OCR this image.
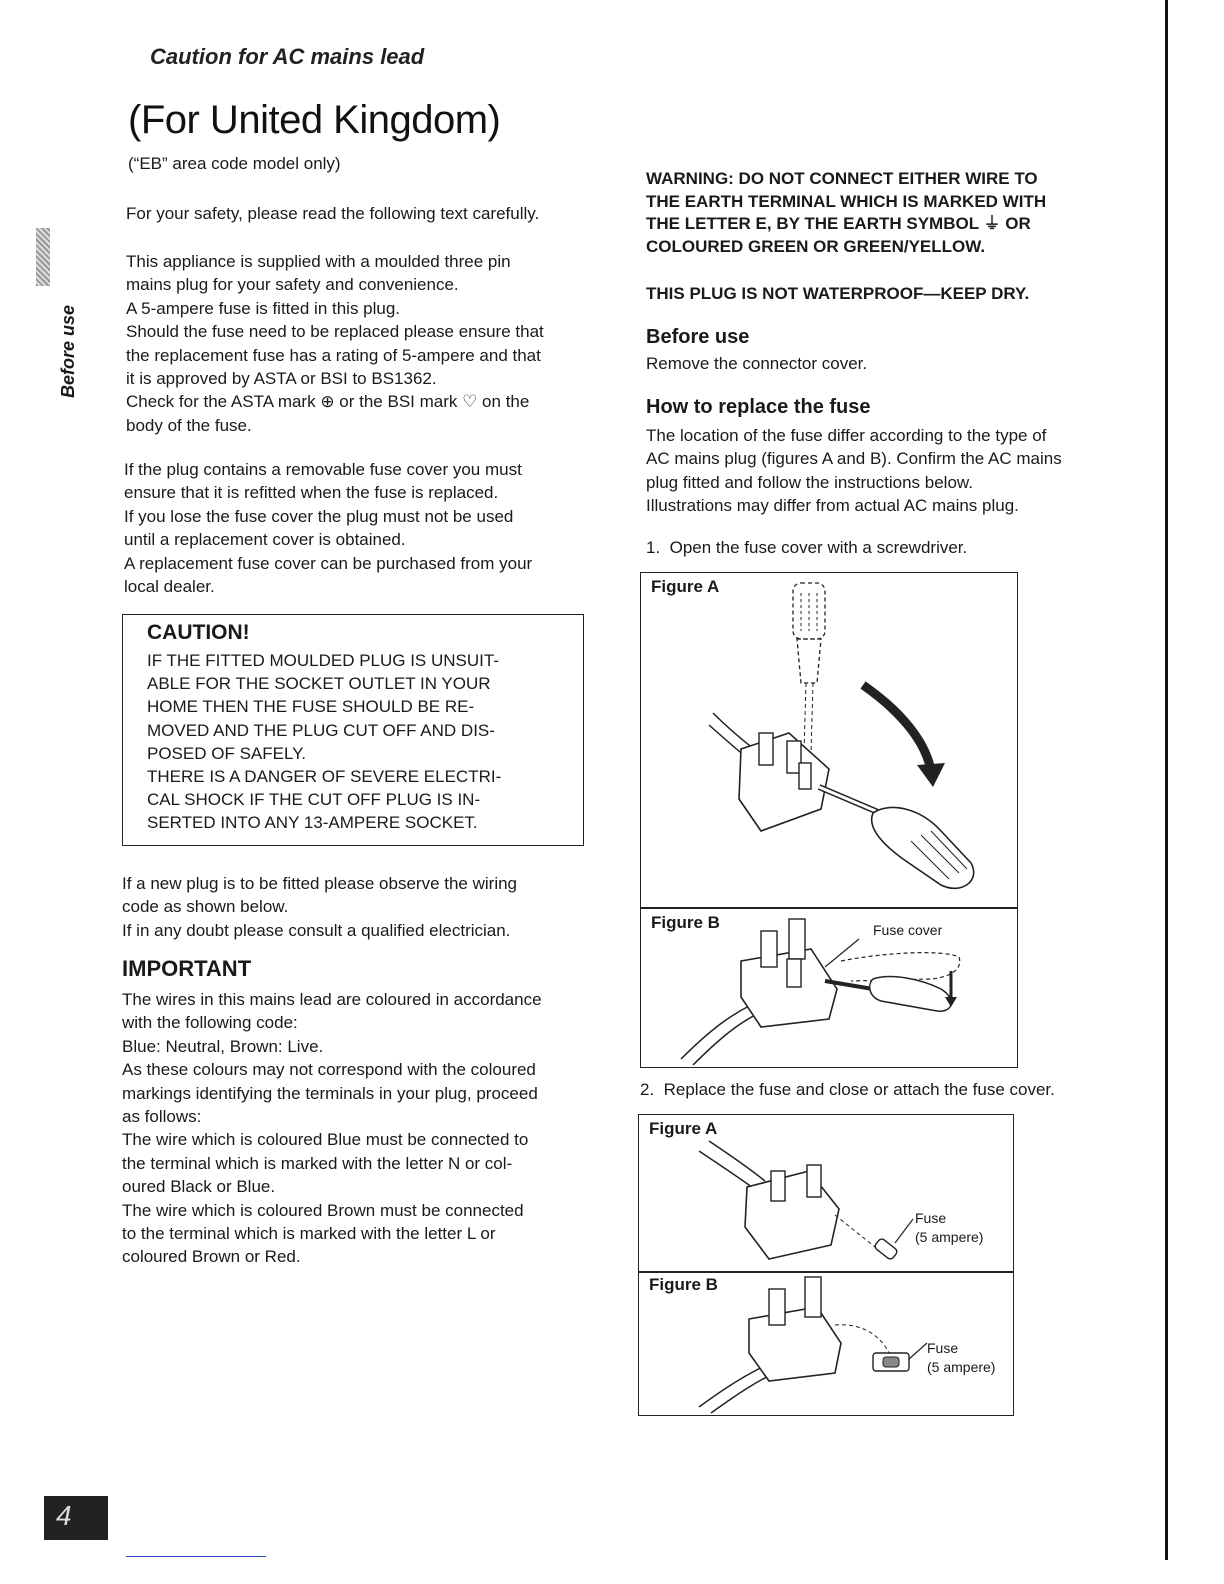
Before use
Caution for AC mains lead
(For United Kingdom)
(“EB” area code model only)
For your safety, please read the following text carefully.
This appliance is supplied with a moulded three pin
mains plug for your safety and convenience.
A 5-ampere fuse is fitted in this plug.
Should the fuse need to be replaced please ensure that
the replacement fuse has a rating of 5-ampere and that
it is approved by ASTA or BSI to BS1362.
Check for the ASTA mark ⊕ or the BSI mark ♡ on the
body of the fuse.
If the plug contains a removable fuse cover you must
ensure that it is refitted when the fuse is replaced.
If you lose the fuse cover the plug must not be used
until a replacement cover is obtained.
A replacement fuse cover can be purchased from your
local dealer.
CAUTION!
IF THE FITTED MOULDED PLUG IS UNSUIT-
ABLE FOR THE SOCKET OUTLET IN YOUR
HOME THEN THE FUSE SHOULD BE RE-
MOVED AND THE PLUG CUT OFF AND DIS-
POSED OF SAFELY.
THERE IS A DANGER OF SEVERE ELECTRI-
CAL SHOCK IF THE CUT OFF PLUG IS IN-
SERTED INTO ANY 13-AMPERE SOCKET.
If a new plug is to be fitted please observe the wiring
code as shown below.
If in any doubt please consult a qualified electrician.
IMPORTANT
The wires in this mains lead are coloured in accordance
with the following code:
Blue: Neutral, Brown: Live.
As these colours may not correspond with the coloured
markings identifying the terminals in your plug, proceed
as follows:
The wire which is coloured Blue must be connected to
the terminal which is marked with the letter N or col-
oured Black or Blue.
The wire which is coloured Brown must be connected
to the terminal which is marked with the letter L or
coloured Brown or Red.
WARNING: DO NOT CONNECT EITHER WIRE TO
THE EARTH TERMINAL WHICH IS MARKED WITH
THE LETTER E, BY THE EARTH SYMBOL ⏚ OR
COLOURED GREEN OR GREEN/YELLOW.
THIS PLUG IS NOT WATERPROOF—KEEP DRY.
Before use
Remove the connector cover.
How to replace the fuse
The location of the fuse differ according to the type of
AC mains plug (figures A and B). Confirm the AC mains
plug fitted and follow the instructions below.
Illustrations may differ from actual AC mains plug.
1.  Open the fuse cover with a screwdriver.
Figure A
Figure B	Fuse cover
2.  Replace the fuse and close or attach the fuse cover.
Figure A
Fuse
(5 ampere)
Figure B
Fuse
(5 ampere)
4
